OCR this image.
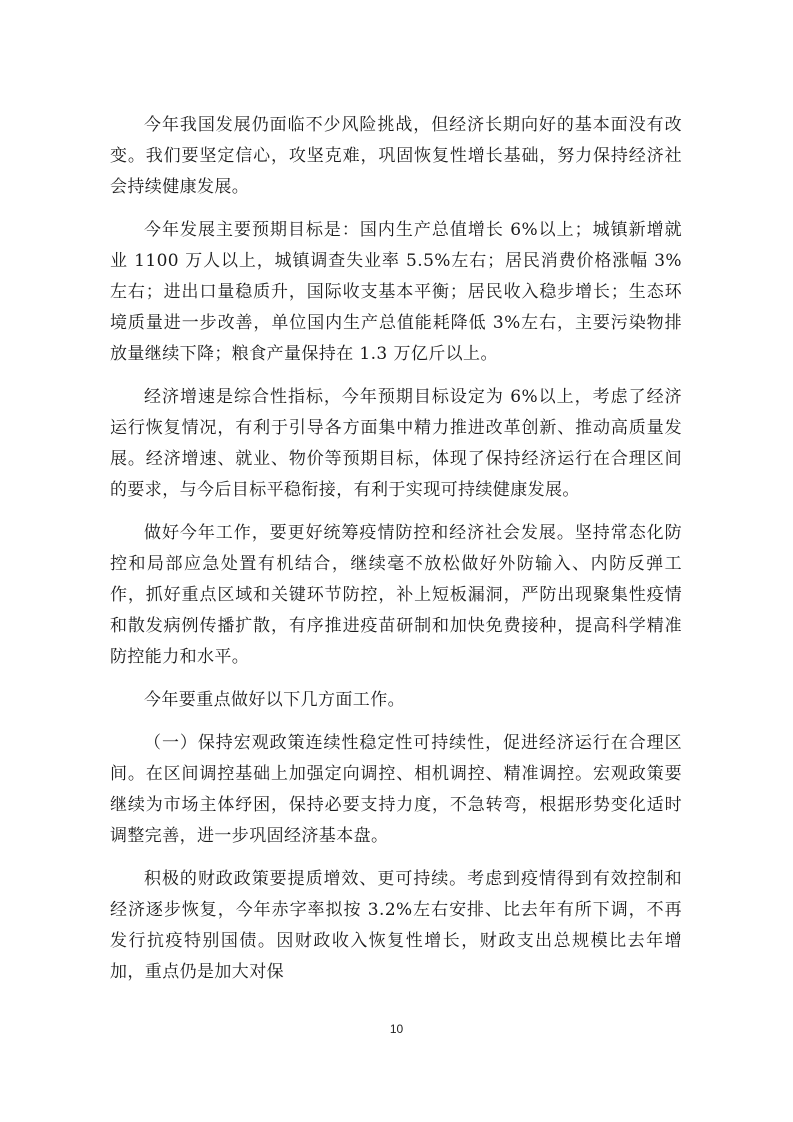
今年我国发展仍面临不少风险挑战，但经济长期向好的基本面没有改变。我们要坚定信心，攻坚克难，巩固恢复性增长基础，努力保持经济社会持续健康发展。

今年发展主要预期目标是：国内生产总值增长 6%以上；城镇新增就业 1100 万人以上，城镇调查失业率 5.5%左右；居民消费价格涨幅 3%左右；进出口量稳质升，国际收支基本平衡；居民收入稳步增长；生态环境质量进一步改善，单位国内生产总值能耗降低 3%左右，主要污染物排放量继续下降；粮食产量保持在 1.3 万亿斤以上。

经济增速是综合性指标，今年预期目标设定为 6%以上，考虑了经济运行恢复情况，有利于引导各方面集中精力推进改革创新、推动高质量发展。经济增速、就业、物价等预期目标，体现了保持经济运行在合理区间的要求，与今后目标平稳衔接，有利于实现可持续健康发展。

做好今年工作，要更好统筹疫情防控和经济社会发展。坚持常态化防控和局部应急处置有机结合，继续毫不放松做好外防输入、内防反弹工作，抓好重点区域和关键环节防控，补上短板漏洞，严防出现聚集性疫情和散发病例传播扩散，有序推进疫苗研制和加快免费接种，提高科学精准防控能力和水平。

今年要重点做好以下几方面工作。

（一）保持宏观政策连续性稳定性可持续性，促进经济运行在合理区间。在区间调控基础上加强定向调控、相机调控、精准调控。宏观政策要继续为市场主体纾困，保持必要支持力度，不急转弯，根据形势变化适时调整完善，进一步巩固经济基本盘。

积极的财政政策要提质增效、更可持续。考虑到疫情得到有效控制和经济逐步恢复，今年赤字率拟按 3.2%左右安排、比去年有所下调，不再发行抗疫特别国债。因财政收入恢复性增长，财政支出总规模比去年增加，重点仍是加大对保

10
